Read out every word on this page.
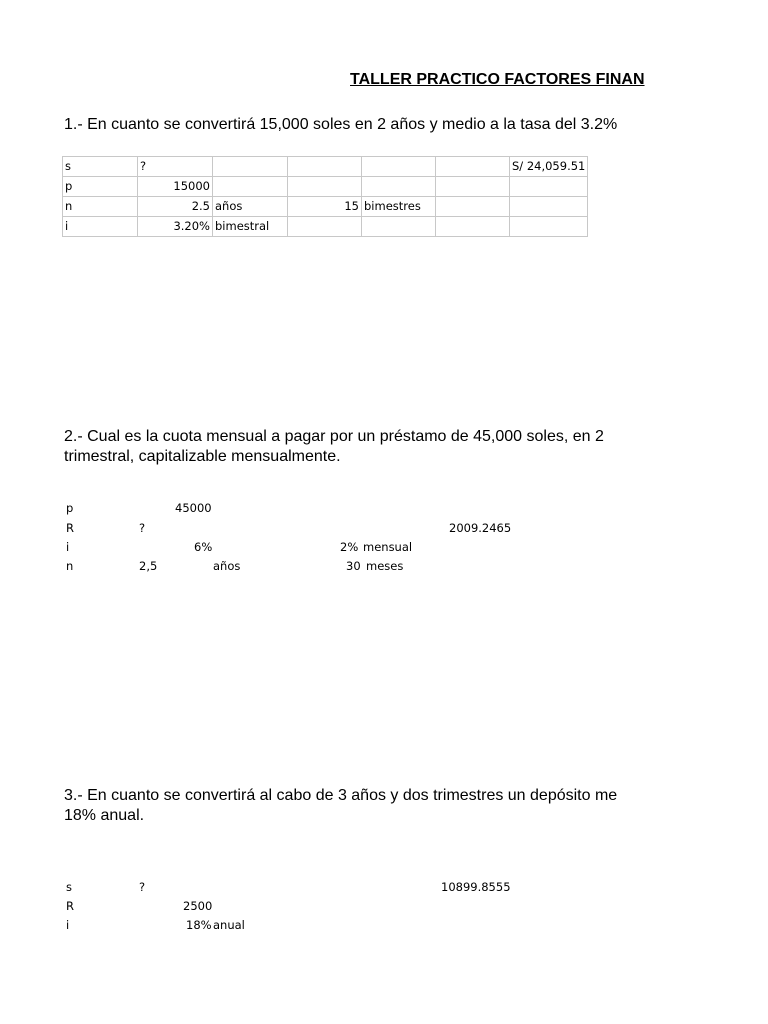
TALLER PRACTICO FACTORES FINAN
1.- En cuanto se convertirá 15,000 soles en 2 años y medio a la tasa del 3.2%
s	?					S/ 24,059.51
p	15000					
n	2.5	años	15	bimestres		
i	3.20%	bimestral				
2.- Cual es la cuota mensual a pagar por un préstamo de 45,000 soles, en 2
trimestral, capitalizable mensualmente.
p	45000
R	?	2009.2465
i	6%	2% mensual
n	2,5	años	30 meses
3.- En cuanto se convertirá al cabo de 3 años y dos trimestres un depósito me
18% anual.
s	?	10899.8555
R	2500
i	18% anual
